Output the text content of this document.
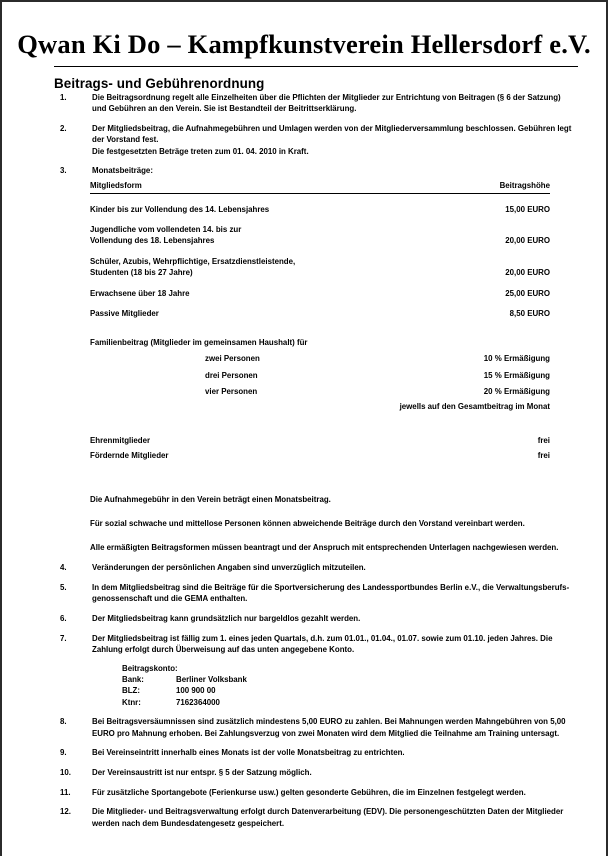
Qwan Ki Do – Kampfkunstverein Hellersdorf e.V.
Beitrags- und Gebührenordnung
1.	Die Beitragsordnung regelt alle Einzelheiten über die Pflichten der Mitglieder zur Entrichtung von Beitragen (§ 6 der Satzung) und Gebühren an den Verein. Sie ist Bestandteil der Beitrittserklärung.

2.	Der Mitgliedsbeitrag, die Aufnahmegebühren und Umlagen werden von der Mitgliederversammlung beschlossen. Gebühren legt der Vorstand fest.

Die festgesetzten Beträge treten zum 01. 04. 2010 in Kraft.

3.	Monatsbeiträge:

Mitgliedsform	Beitragshöhe
Kinder bis zur Vollendung des 14. Lebensjahres	15,00 EURO
Jugendliche vom vollendeten 14. bis zur
Vollendung des 18. Lebensjahres	20,00 EURO
Schüler, Azubis, Wehrpflichtige, Ersatzdienstleistende,
Studenten (18 bis 27 Jahre)	20,00 EURO
Erwachsene über 18 Jahre	25,00 EURO
Passive Mitglieder	8,50 EURO
Familienbeitrag (Mitglieder im gemeinsamen Haushalt) für
zwei Personen	10 % Ermäßigung
drei Personen	15 % Ermäßigung
vier Personen	20 % Ermäßigung
jewells auf den Gesamtbeitrag im Monat
Ehrenmitglieder	frei
Fördernde Mitglieder	frei

Die Aufnahmegebühr in den Verein beträgt einen Monatsbeitrag.

Für sozial schwache und mittellose Personen können abweichende Beiträge durch den Vorstand vereinbart werden.

Alle ermäßigten Beitragsformen müssen beantragt und der Anspruch mit entsprechenden Unterlagen nachgewiesen werden.

4.	Veränderungen der persönlichen Angaben sind unverzüglich mitzuteilen.

5.	In dem Mitgliedsbeitrag sind die Beiträge für die Sportversicherung des Landessportbundes Berlin e.V., die Verwaltungsberufs-genossenschaft und die GEMA enthalten.

6.	Der Mitgliedsbeitrag kann grundsätzlich nur bargeldlos gezahlt werden.

7.	Der Mitgliedsbeitrag ist fällig zum 1. eines jeden Quartals, d.h. zum 01.01., 01.04., 01.07. sowie zum 01.10. jeden Jahres. Die Zahlung erfolgt durch Überweisung auf das unten angegebene Konto.

Beitragskonto:
Bank:	Berliner Volksbank
BLZ:	100 900 00
Ktnr:	7162364000
8.	Bei Beitragsversäumnissen sind zusätzlich mindestens 5,00 EURO zu zahlen. Bei Mahnungen werden Mahngebühren von 5,00 EURO pro Mahnung erhoben. Bei Zahlungsverzug von zwei Monaten wird dem Mitglied die Teilnahme am Training untersagt.

9.	Bei Vereinseintritt innerhalb eines Monats ist der volle Monatsbeitrag zu entrichten.

10.	Der Vereinsaustritt ist nur entspr. § 5 der Satzung möglich.

11.	Für zusätzliche Sportangebote (Ferienkurse usw.) gelten gesonderte Gebühren, die im Einzelnen festgelegt werden.

12.	Die Mitglieder- und Beitragsverwaltung erfolgt durch Datenverarbeitung (EDV). Die personengeschützten Daten der Mitglieder werden nach dem Bundesdatengesetz gespeichert.
